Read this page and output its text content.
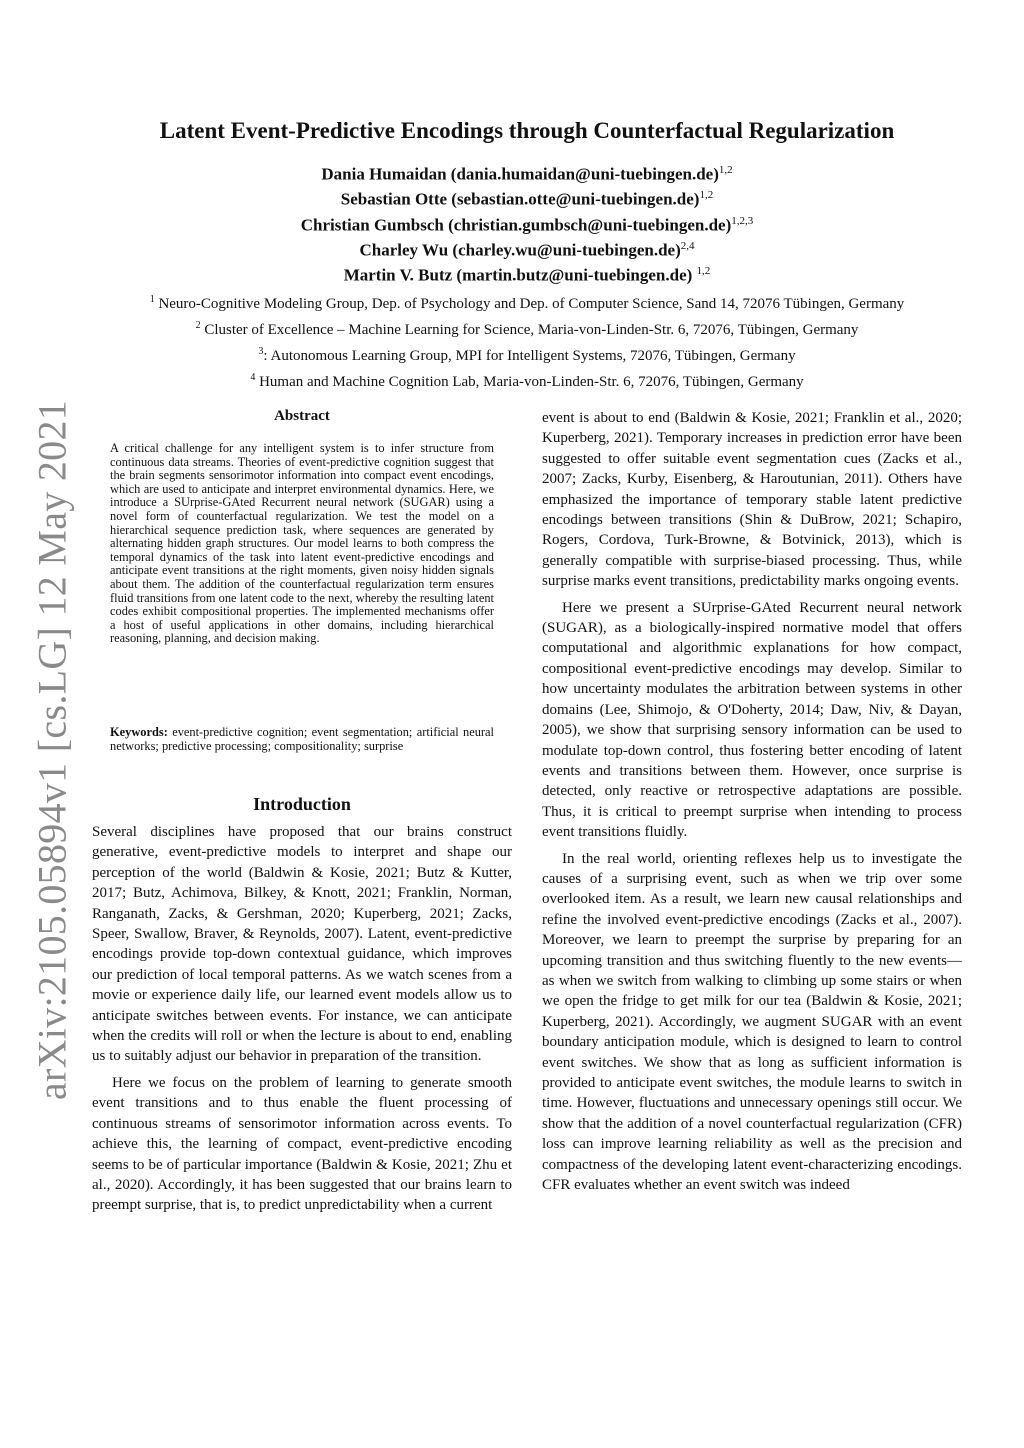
arXiv:2105.05894v1 [cs.LG] 12 May 2021
Latent Event-Predictive Encodings through Counterfactual Regularization
Dania Humaidan (dania.humaidan@uni-tuebingen.de)$^{1,2}$
Sebastian Otte (sebastian.otte@uni-tuebingen.de)$^{1,2}$
Christian Gumbsch (christian.gumbsch@uni-tuebingen.de)$^{1,2,3}$
Charley Wu (charley.wu@uni-tuebingen.de)$^{2,4}$
Martin V. Butz (martin.butz@uni-tuebingen.de) $^{1,2}$
$^1$ Neuro-Cognitive Modeling Group, Dep. of Psychology and Dep. of Computer Science, Sand 14, 72076 Tübingen, Germany
$^2$ Cluster of Excellence – Machine Learning for Science, Maria-von-Linden-Str. 6, 72076, Tübingen, Germany
$^3$: Autonomous Learning Group, MPI for Intelligent Systems, 72076, Tübingen, Germany
$^4$ Human and Machine Cognition Lab, Maria-von-Linden-Str. 6, 72076, Tübingen, Germany
Abstract
A critical challenge for any intelligent system is to infer structure from continuous data streams. Theories of event-predictive cognition suggest that the brain segments sensorimotor information into compact event encodings, which are used to anticipate and interpret environmental dynamics. Here, we introduce a SUrprise-GAted Recurrent neural network (SUGAR) using a novel form of counterfactual regularization. We test the model on a hierarchical sequence prediction task, where sequences are generated by alternating hidden graph structures. Our model learns to both compress the temporal dynamics of the task into latent event-predictive encodings and anticipate event transitions at the right moments, given noisy hidden signals about them. The addition of the counterfactual regularization term ensures fluid transitions from one latent code to the next, whereby the resulting latent codes exhibit compositional properties. The implemented mechanisms offer a host of useful applications in other domains, including hierarchical reasoning, planning, and decision making.
Keywords: event-predictive cognition; event segmentation; artificial neural networks; predictive processing; compositionality; surprise
Introduction

Several disciplines have proposed that our brains construct generative, event-predictive models to interpret and shape our perception of the world (Baldwin & Kosie, 2021; Butz & Kutter, 2017; Butz, Achimova, Bilkey, & Knott, 2021; Franklin, Norman, Ranganath, Zacks, & Gershman, 2020; Kuperberg, 2021; Zacks, Speer, Swallow, Braver, & Reynolds, 2007). Latent, event-predictive encodings provide top-down contextual guidance, which improves our prediction of local temporal patterns. As we watch scenes from a movie or experience daily life, our learned event models allow us to anticipate switches between events. For instance, we can anticipate when the credits will roll or when the lecture is about to end, enabling us to suitably adjust our behavior in preparation of the transition.

Here we focus on the problem of learning to generate smooth event transitions and to thus enable the fluent processing of continuous streams of sensorimotor information across events. To achieve this, the learning of compact, event-predictive encoding seems to be of particular importance (Baldwin & Kosie, 2021; Zhu et al., 2020). Accordingly, it has been suggested that our brains learn to preempt surprise, that is, to predict unpredictability when a current

event is about to end (Baldwin & Kosie, 2021; Franklin et al., 2020; Kuperberg, 2021). Temporary increases in prediction error have been suggested to offer suitable event segmentation cues (Zacks et al., 2007; Zacks, Kurby, Eisenberg, & Haroutunian, 2011). Others have emphasized the importance of temporary stable latent predictive encodings between transitions (Shin & DuBrow, 2021; Schapiro, Rogers, Cordova, Turk-Browne, & Botvinick, 2013), which is generally compatible with surprise-biased processing. Thus, while surprise marks event transitions, predictability marks ongoing events.

Here we present a SUrprise-GAted Recurrent neural network (SUGAR), as a biologically-inspired normative model that offers computational and algorithmic explanations for how compact, compositional event-predictive encodings may develop. Similar to how uncertainty modulates the arbitration between systems in other domains (Lee, Shimojo, & O'Doherty, 2014; Daw, Niv, & Dayan, 2005), we show that surprising sensory information can be used to modulate top-down control, thus fostering better encoding of latent events and transitions between them. However, once surprise is detected, only reactive or retrospective adaptations are possible. Thus, it is critical to preempt surprise when intending to process event transitions fluidly.

In the real world, orienting reflexes help us to investigate the causes of a surprising event, such as when we trip over some overlooked item. As a result, we learn new causal relationships and refine the involved event-predictive encodings (Zacks et al., 2007). Moreover, we learn to preempt the surprise by preparing for an upcoming transition and thus switching fluently to the new events—as when we switch from walking to climbing up some stairs or when we open the fridge to get milk for our tea (Baldwin & Kosie, 2021; Kuperberg, 2021). Accordingly, we augment SUGAR with an event boundary anticipation module, which is designed to learn to control event switches. We show that as long as sufficient information is provided to anticipate event switches, the module learns to switch in time. However, fluctuations and unnecessary openings still occur. We show that the addition of a novel counterfactual regularization (CFR) loss can improve learning reliability as well as the precision and compactness of the developing latent event-characterizing encodings. CFR evaluates whether an event switch was indeed
